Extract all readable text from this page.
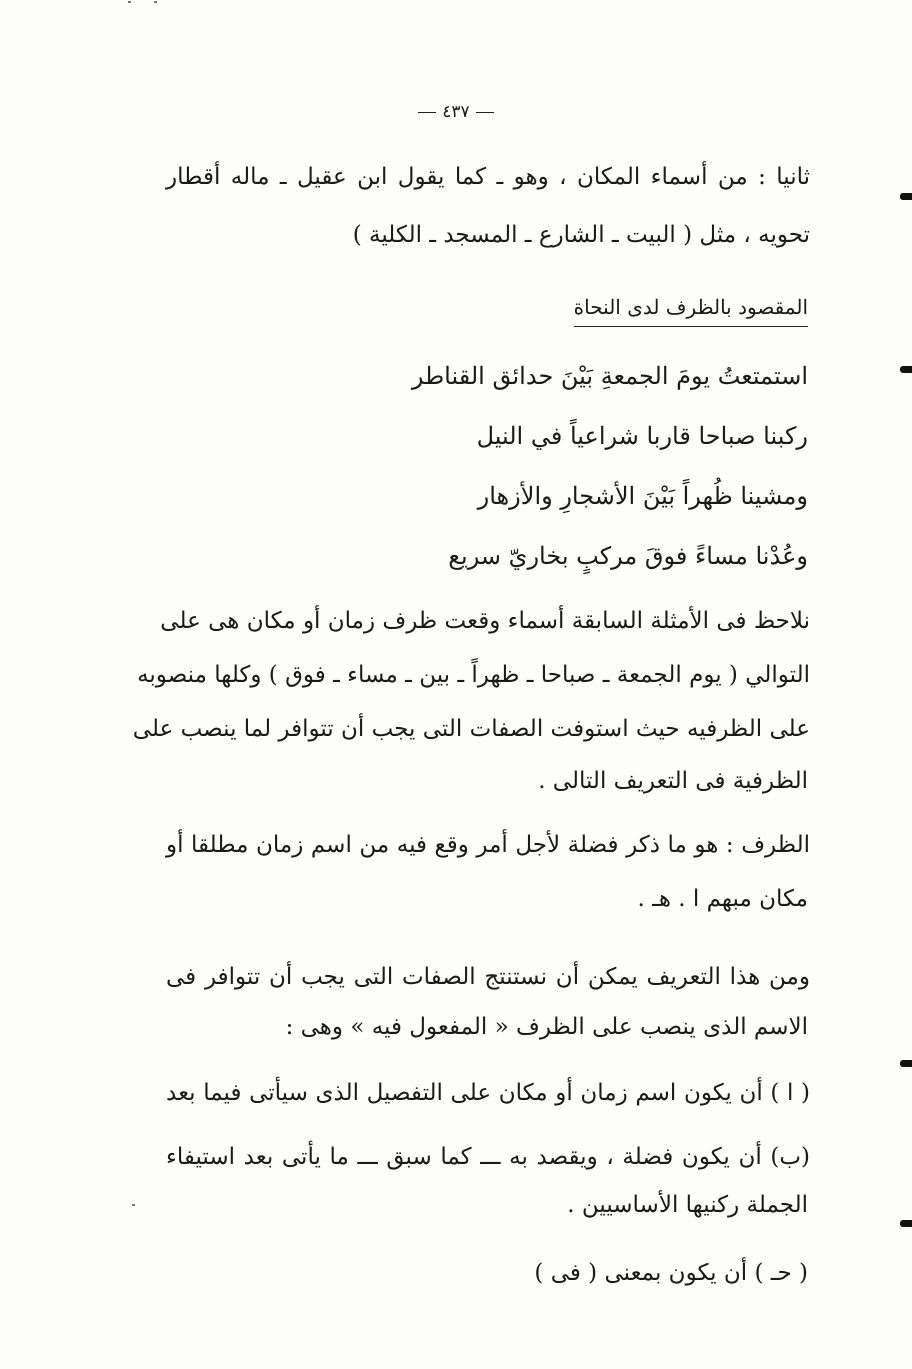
٤٣٧
ثانيا : من أسماء المكان ، وهو ـ كما يقول ابن عقيل ـ ماله أقطار
تحويه ، مثل ( البيت ـ الشارع ـ المسجد ـ الكلية )
المقصود بالظرف لدى النحاة
استمتعتُ يومَ الجمعةِ بَيْنَ حدائق القناطر
ركبنا صباحا قاربا شراعياً في النيل
ومشينا ظُهراً بَيْنَ الأشجارِ والأزهار
وعُدْنا مساءً فوقَ مركبٍ بخاريّ سريع
نلاحظ فى الأمثلة السابقة أسماء وقعت ظرف زمان أو مكان هى على
التوالي ( يوم الجمعة ـ صباحا ـ ظهراً ـ بين ـ مساء ـ فوق ) وكلها منصوبه
على الظرفيه حيث استوفت الصفات التى يجب أن تتوافر لما ينصب على
الظرفية فى التعريف التالى .
الظرف : هو ما ذكر فضلة لأجل أمر وقع فيه من اسم زمان مطلقا أو
مكان مبهم ا . هـ .
ومن هذا التعريف يمكن أن نستنتج الصفات التى يجب أن تتوافر فى
الاسم الذى ينصب على الظرف « المفعول فيه » وهى :
( ا ) أن يكون اسم زمان أو مكان على التفصيل الذى سيأتى فيما بعد
(ب) أن يكون فضلة ، ويقصد به ـــ كما سبق ـــ ما يأتى بعد استيفاء
الجملة ركنيها الأساسيين .
( حـ ) أن يكون بمعنى ( فى )
